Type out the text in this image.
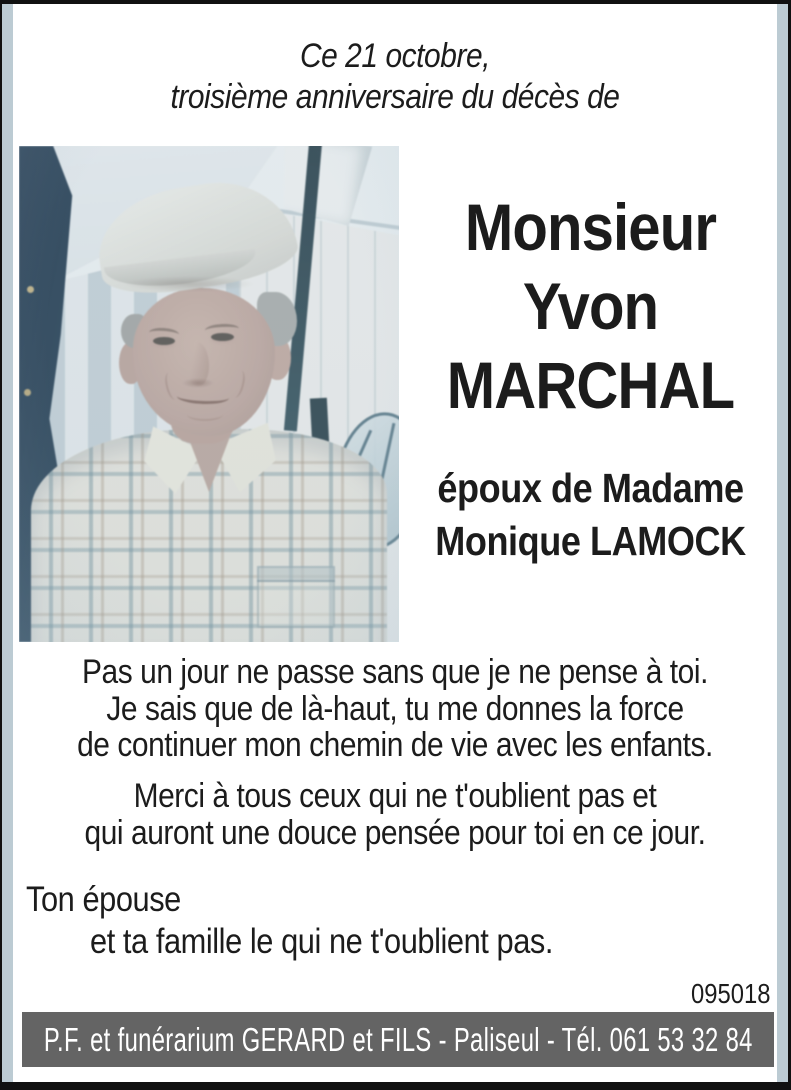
Ce 21 octobre,
troisième anniversaire du décès de
Monsieur
Yvon
MARCHAL
époux de Madame
Monique LAMOCK
Pas un jour ne passe sans que je ne pense à toi.
Je sais que de là-haut, tu me donnes la force
de continuer mon chemin de vie avec les enfants.
Merci à tous ceux qui ne t'oublient pas et
qui auront une douce pensée pour toi en ce jour.
Ton épouse
et ta famille le qui ne t'oublient pas.
095018
P.F. et funérarium GERARD et FILS - Paliseul - Tél. 061 53 32 84
